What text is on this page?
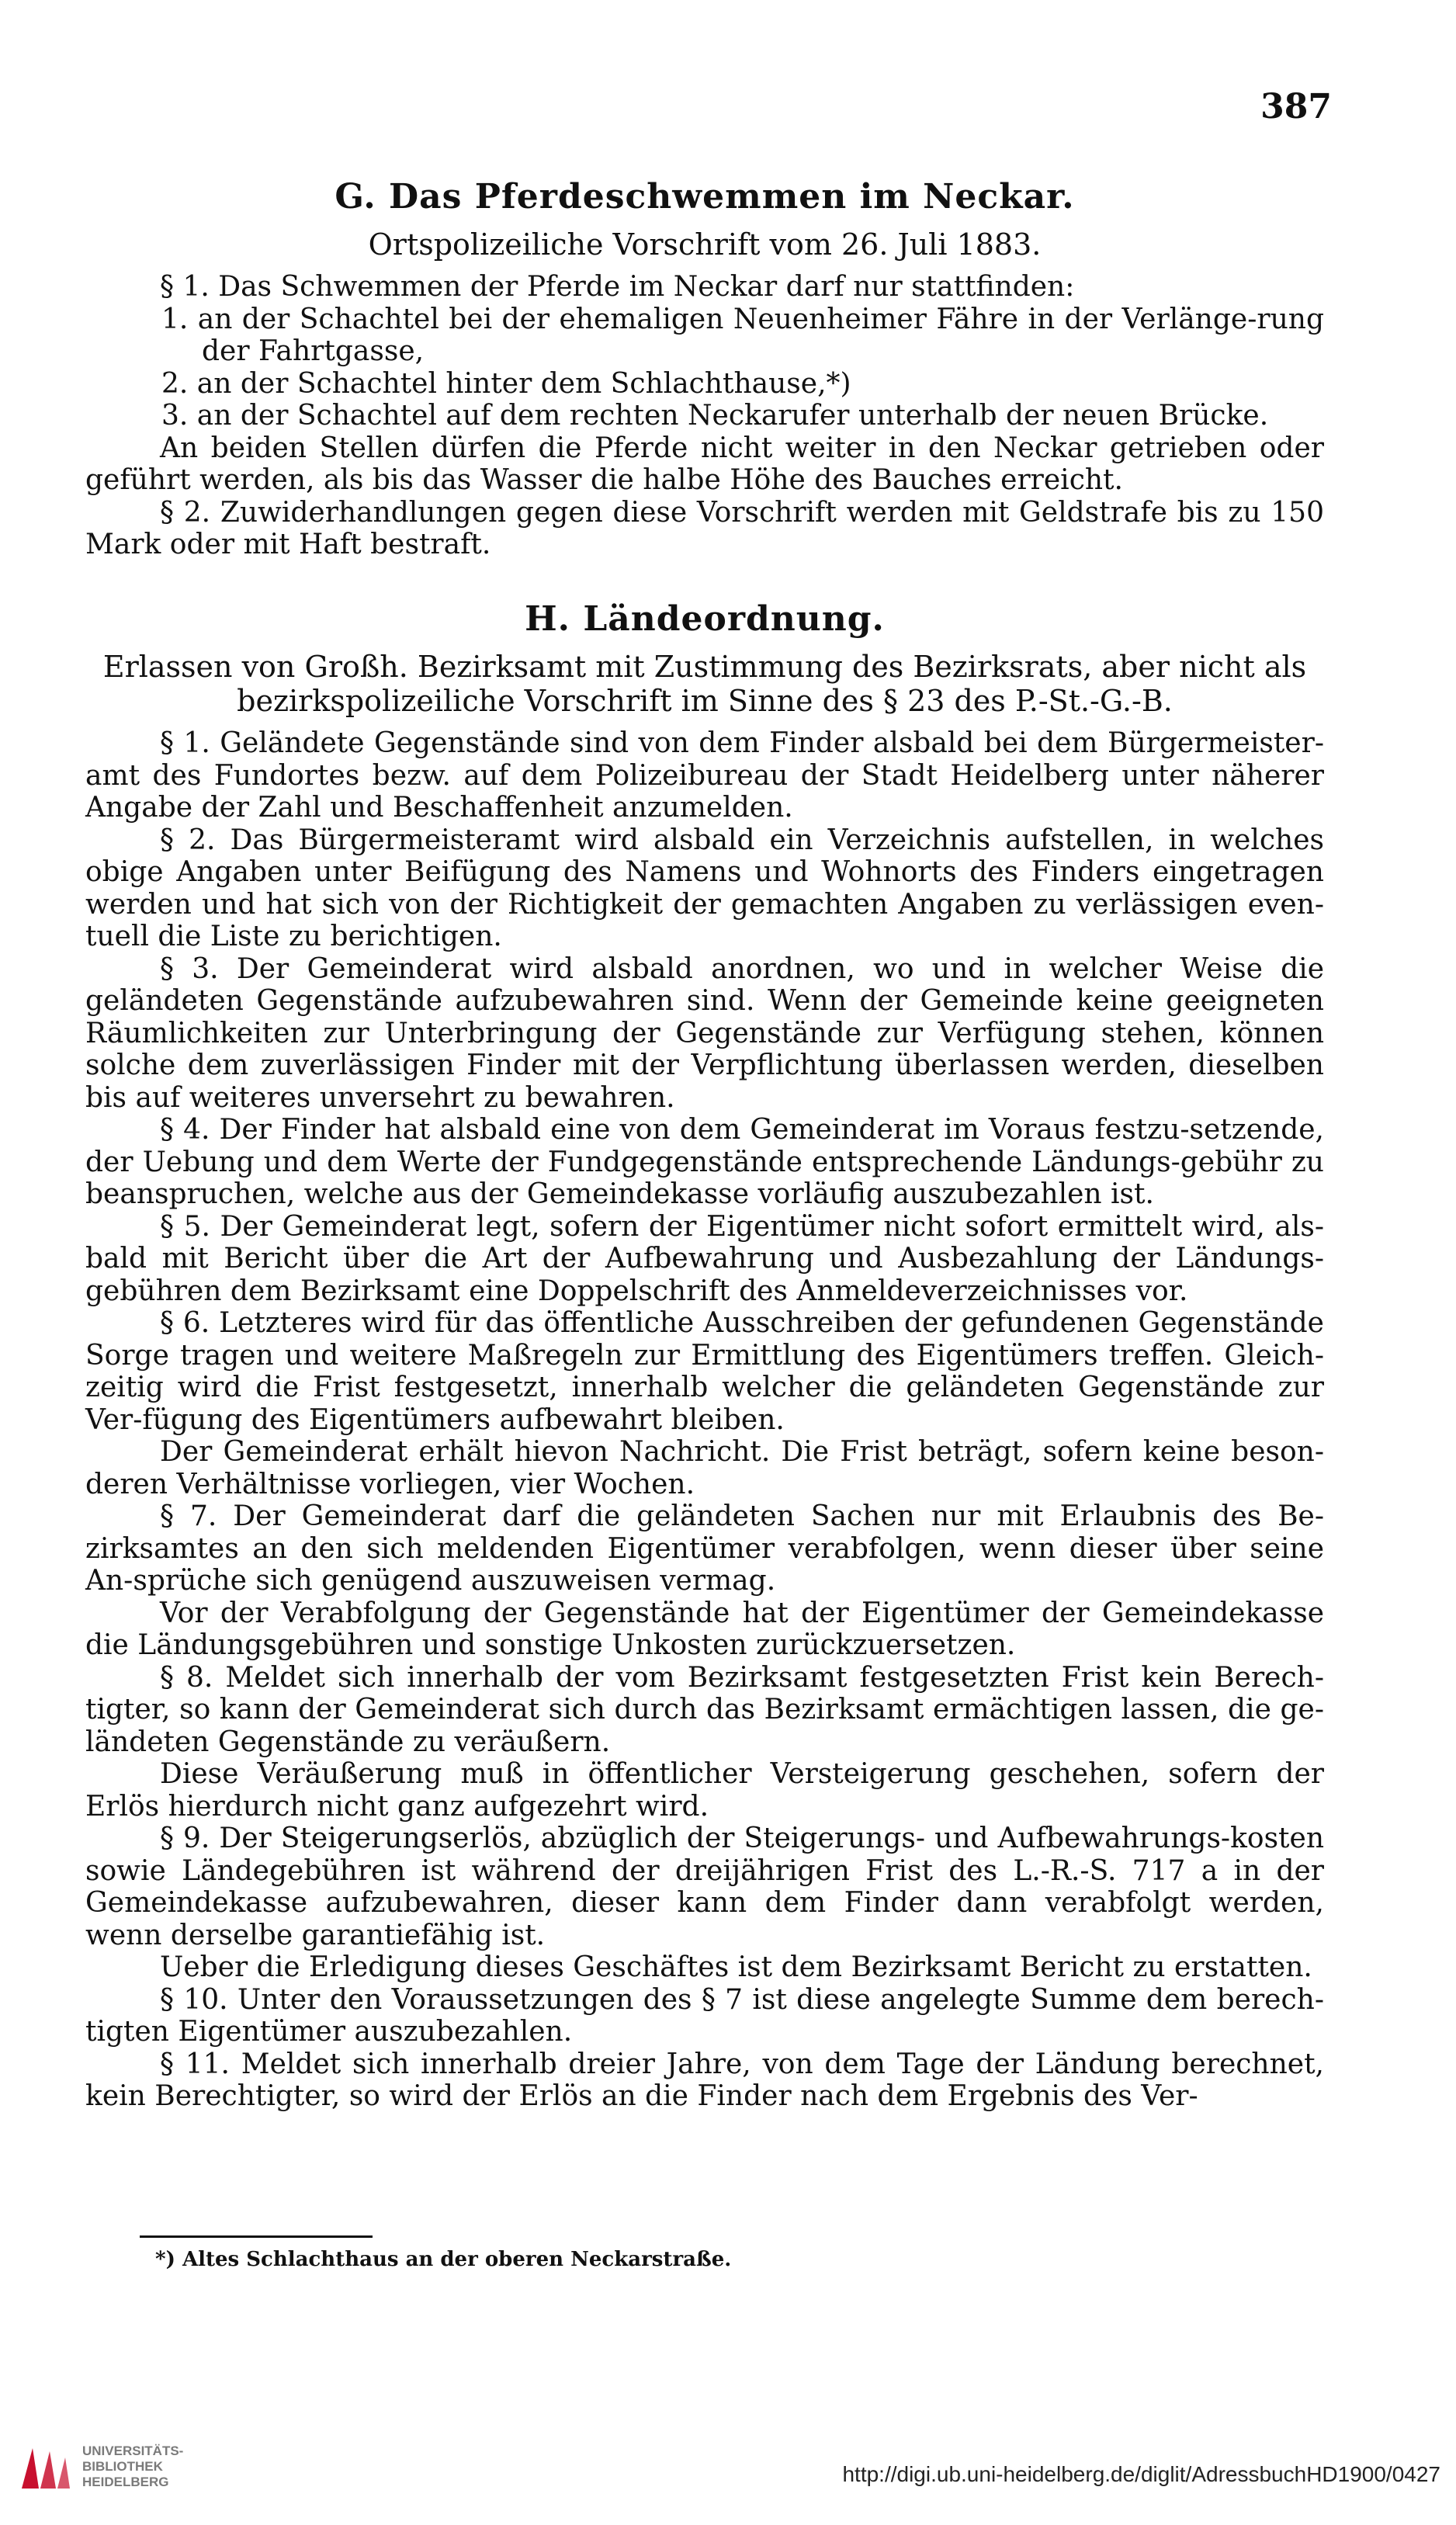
387
G. Das Pferdeschwemmen im Neckar.
Ortspolizeiliche Vorschrift vom 26. Juli 1883.

§ 1. Das Schwemmen der Pferde im Neckar darf nur stattfinden:

1. an der Schachtel bei der ehemaligen Neuenheimer Fähre in der Verlänge-rung der Fahrtgasse,

2. an der Schachtel hinter dem Schlachthause,*)

3. an der Schachtel auf dem rechten Neckarufer unterhalb der neuen Brücke.

An beiden Stellen dürfen die Pferde nicht weiter in den Neckar getrieben oder geführt werden, als bis das Wasser die halbe Höhe des Bauches erreicht.

§ 2. Zuwiderhandlungen gegen diese Vorschrift werden mit Geldstrafe bis zu 150 Mark oder mit Haft bestraft.

H. Ländeordnung.
Erlassen von Großh. Bezirksamt mit Zustimmung des Bezirksrats, aber nicht als bezirkspolizeiliche Vorschrift im Sinne des § 23 des P.-St.-G.-B.

§ 1. Geländete Gegenstände sind von dem Finder alsbald bei dem Bürgermeister-amt des Fundortes bezw. auf dem Polizeibureau der Stadt Heidelberg unter näherer Angabe der Zahl und Beschaffenheit anzumelden.

§ 2. Das Bürgermeisteramt wird alsbald ein Verzeichnis aufstellen, in welches obige Angaben unter Beifügung des Namens und Wohnorts des Finders eingetragen werden und hat sich von der Richtigkeit der gemachten Angaben zu verlässigen even-tuell die Liste zu berichtigen.

§ 3. Der Gemeinderat wird alsbald anordnen, wo und in welcher Weise die geländeten Gegenstände aufzubewahren sind. Wenn der Gemeinde keine geeigneten Räumlichkeiten zur Unterbringung der Gegenstände zur Verfügung stehen, können solche dem zuverlässigen Finder mit der Verpflichtung überlassen werden, dieselben bis auf weiteres unversehrt zu bewahren.

§ 4. Der Finder hat alsbald eine von dem Gemeinderat im Voraus festzu-setzende, der Uebung und dem Werte der Fundgegenstände entsprechende Ländungs-gebühr zu beanspruchen, welche aus der Gemeindekasse vorläufig auszubezahlen ist.

§ 5. Der Gemeinderat legt, sofern der Eigentümer nicht sofort ermittelt wird, als-bald mit Bericht über die Art der Aufbewahrung und Ausbezahlung der Ländungs-gebühren dem Bezirksamt eine Doppelschrift des Anmeldeverzeichnisses vor.

§ 6. Letzteres wird für das öffentliche Ausschreiben der gefundenen Gegenstände Sorge tragen und weitere Maßregeln zur Ermittlung des Eigentümers treffen. Gleich-zeitig wird die Frist festgesetzt, innerhalb welcher die geländeten Gegenstände zur Ver-fügung des Eigentümers aufbewahrt bleiben.

Der Gemeinderat erhält hievon Nachricht. Die Frist beträgt, sofern keine beson-deren Verhältnisse vorliegen, vier Wochen.

§ 7. Der Gemeinderat darf die geländeten Sachen nur mit Erlaubnis des Be-zirksamtes an den sich meldenden Eigentümer verabfolgen, wenn dieser über seine An-sprüche sich genügend auszuweisen vermag.

Vor der Verabfolgung der Gegenstände hat der Eigentümer der Gemeindekasse die Ländungsgebühren und sonstige Unkosten zurückzuersetzen.

§ 8. Meldet sich innerhalb der vom Bezirksamt festgesetzten Frist kein Berech-tigter, so kann der Gemeinderat sich durch das Bezirksamt ermächtigen lassen, die ge-ländeten Gegenstände zu veräußern.

Diese Veräußerung muß in öffentlicher Versteigerung geschehen, sofern der Erlös hierdurch nicht ganz aufgezehrt wird.

§ 9. Der Steigerungserlös, abzüglich der Steigerungs- und Aufbewahrungs-kosten sowie Ländegebühren ist während der dreijährigen Frist des L.-R.-S. 717 a in der Gemeindekasse aufzubewahren, dieser kann dem Finder dann verabfolgt werden, wenn derselbe garantiefähig ist.

Ueber die Erledigung dieses Geschäftes ist dem Bezirksamt Bericht zu erstatten.

§ 10. Unter den Voraussetzungen des § 7 ist diese angelegte Summe dem berech-tigten Eigentümer auszubezahlen.

§ 11. Meldet sich innerhalb dreier Jahre, von dem Tage der Ländung berechnet, kein Berechtigter, so wird der Erlös an die Finder nach dem Ergebnis des Ver-

*) Altes Schlachthaus an der oberen Neckarstraße.
UNIVERSITÄTS-
BIBLIOTHEK
HEIDELBERG	http://digi.ub.uni-heidelberg.de/diglit/AdressbuchHD1900/0427
